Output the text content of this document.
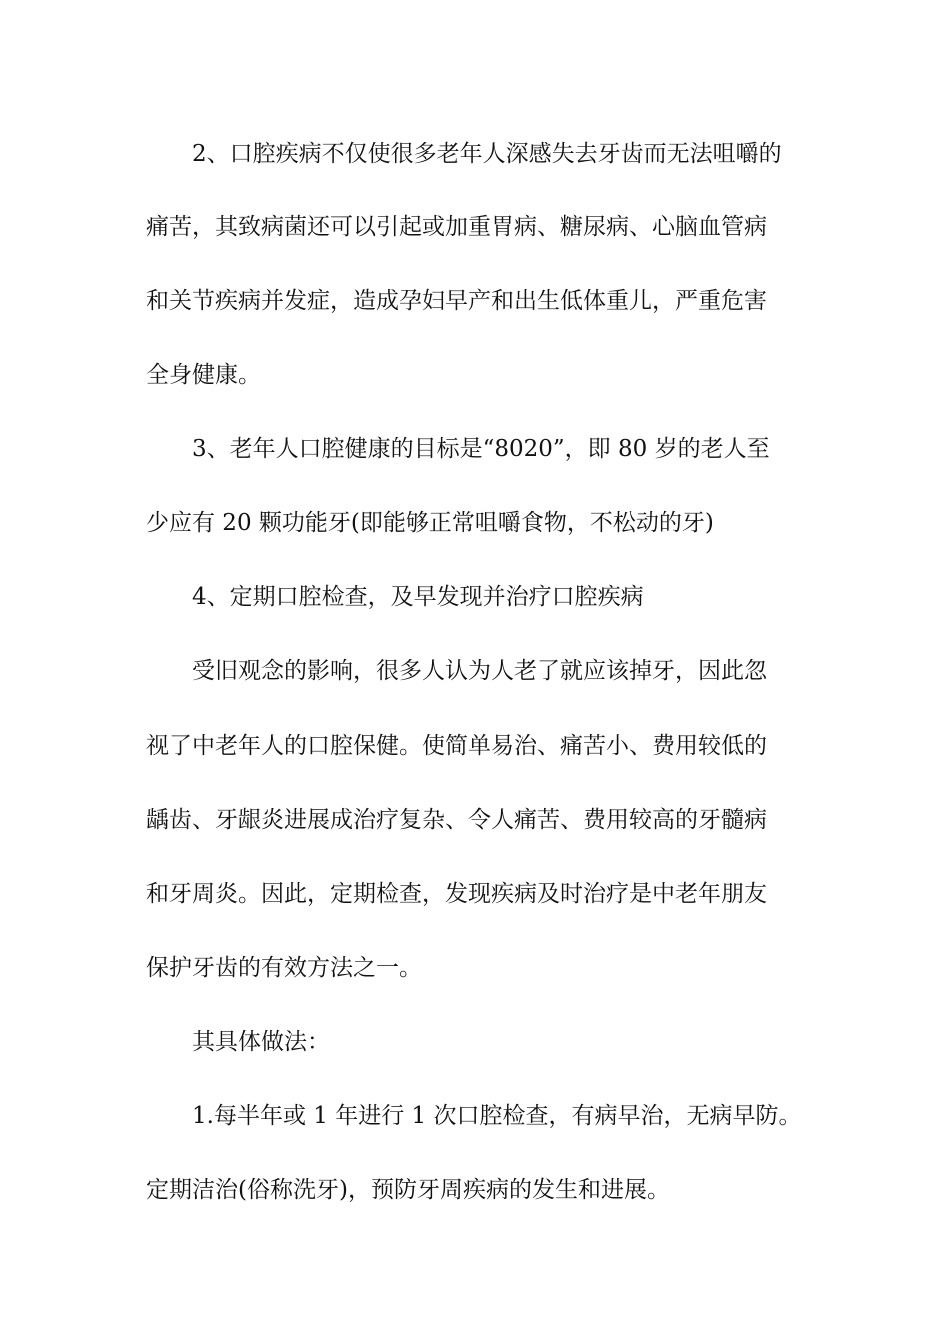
2、口腔疾病不仅使很多老年人深感失去牙齿而无法咀嚼的
痛苦，其致病菌还可以引起或加重胃病、糖尿病、心脑血管病
和关节疾病并发症，造成孕妇早产和出生低体重儿，严重危害
全身健康。
3、老年人口腔健康的目标是“8020”，即 80 岁的老人至
少应有 20 颗功能牙(即能够正常咀嚼食物，不松动的牙)
4、定期口腔检查，及早发现并治疗口腔疾病
受旧观念的影响，很多人认为人老了就应该掉牙，因此忽
视了中老年人的口腔保健。使简单易治、痛苦小、费用较低的
龋齿、牙龈炎进展成治疗复杂、令人痛苦、费用较高的牙髓病
和牙周炎。因此，定期检查，发现疾病及时治疗是中老年朋友
保护牙齿的有效方法之一。
其具体做法：
1.每半年或 1 年进行 1 次口腔检查，有病早治，无病早防。
定期洁治(俗称洗牙)，预防牙周疾病的发生和进展。
